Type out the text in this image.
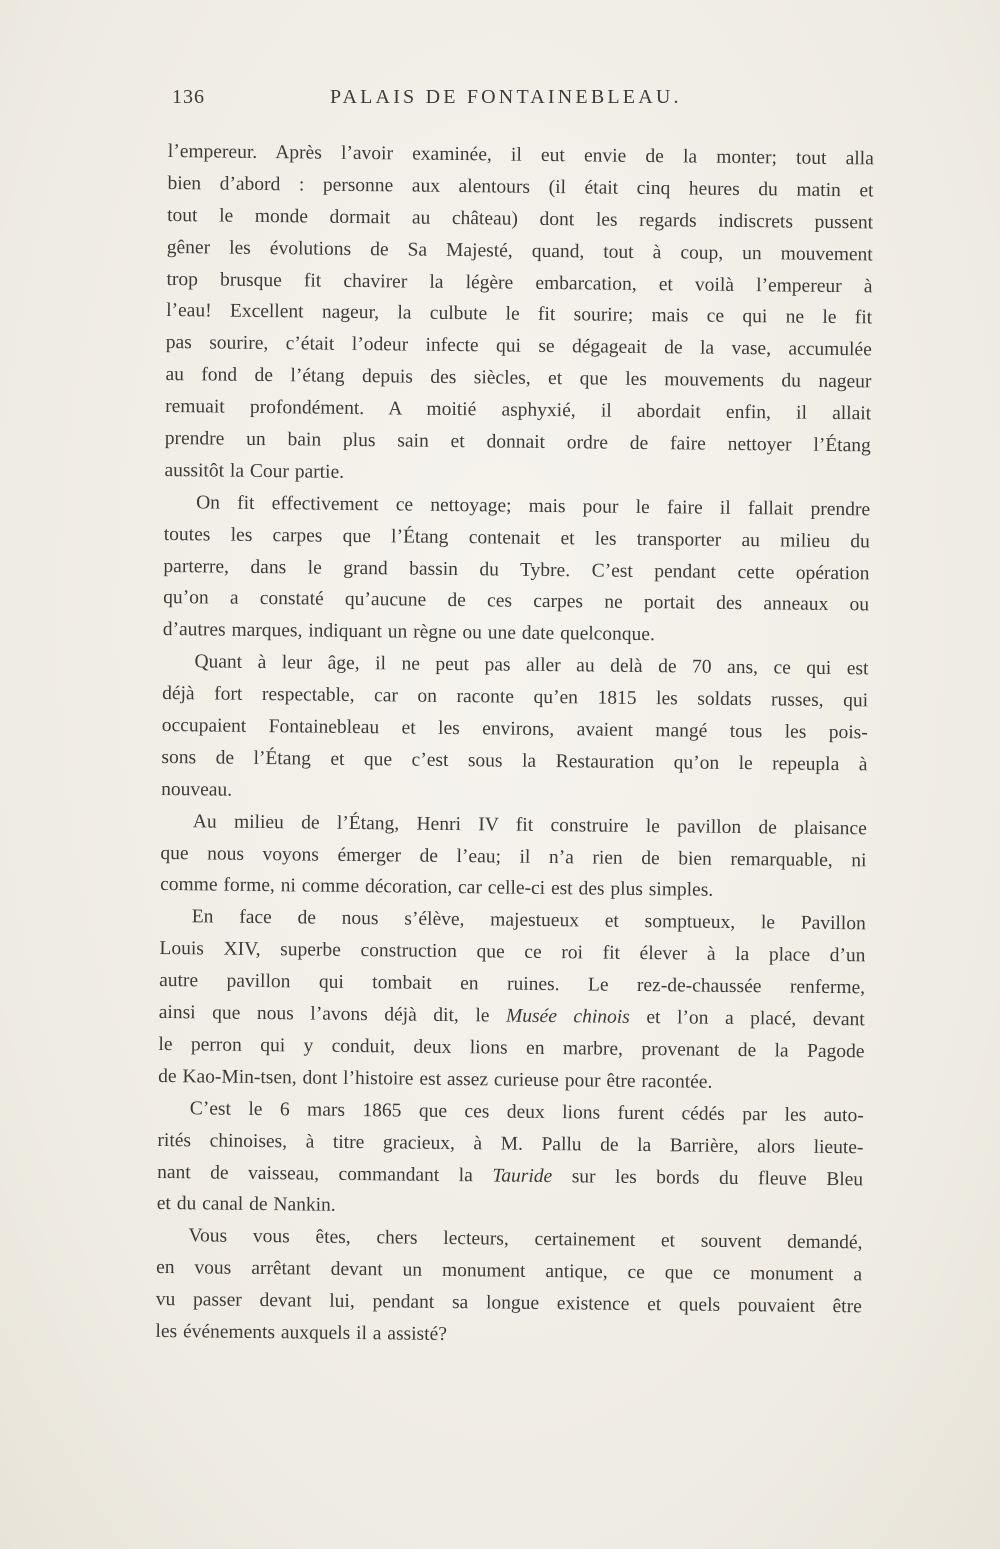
136	PALAIS DE FONTAINEBLEAU.
l’empereur. Après l’avoir examinée, il eut envie de la monter; tout alla
bien d’abord : personne aux alentours (il était cinq heures du matin et
tout le monde dormait au château) dont les regards indiscrets pussent
gêner les évolutions de Sa Majesté, quand, tout à coup, un mouvement
trop brusque fit chavirer la légère embarcation, et voilà l’empereur à
l’eau! Excellent nageur, la culbute le fit sourire; mais ce qui ne le fit
pas sourire, c’était l’odeur infecte qui se dégageait de la vase, accumulée
au fond de l’étang depuis des siècles, et que les mouvements du nageur
remuait profondément. A moitié asphyxié, il abordait enfin, il allait
prendre un bain plus sain et donnait ordre de faire nettoyer l’Étang
aussitôt la Cour partie.
On fit effectivement ce nettoyage; mais pour le faire il fallait prendre
toutes les carpes que l’Étang contenait et les transporter au milieu du
parterre, dans le grand bassin du Tybre. C’est pendant cette opération
qu’on a constaté qu’aucune de ces carpes ne portait des anneaux ou
d’autres marques, indiquant un règne ou une date quelconque.
Quant à leur âge, il ne peut pas aller au delà de 70 ans, ce qui est
déjà fort respectable, car on raconte qu’en 1815 les soldats russes, qui
occupaient Fontainebleau et les environs, avaient mangé tous les pois-
sons de l’Étang et que c’est sous la Restauration qu’on le repeupla à
nouveau.
Au milieu de l’Étang, Henri IV fit construire le pavillon de plaisance
que nous voyons émerger de l’eau; il n’a rien de bien remarquable, ni
comme forme, ni comme décoration, car celle-ci est des plus simples.
En face de nous s’élève, majestueux et somptueux, le Pavillon
Louis XIV, superbe construction que ce roi fit élever à la place d’un
autre pavillon qui tombait en ruines. Le rez-de-chaussée renferme,
ainsi que nous l’avons déjà dit, le Musée chinois et l’on a placé, devant
le perron qui y conduit, deux lions en marbre, provenant de la Pagode
de Kao-Min-tsen, dont l’histoire est assez curieuse pour être racontée.
C’est le 6 mars 1865 que ces deux lions furent cédés par les auto-
rités chinoises, à titre gracieux, à M. Pallu de la Barrière, alors lieute-
nant de vaisseau, commandant la Tauride sur les bords du fleuve Bleu
et du canal de Nankin.
Vous vous êtes, chers lecteurs, certainement et souvent demandé,
en vous arrêtant devant un monument antique, ce que ce monument a
vu passer devant lui, pendant sa longue existence et quels pouvaient être
les événements auxquels il a assisté?
